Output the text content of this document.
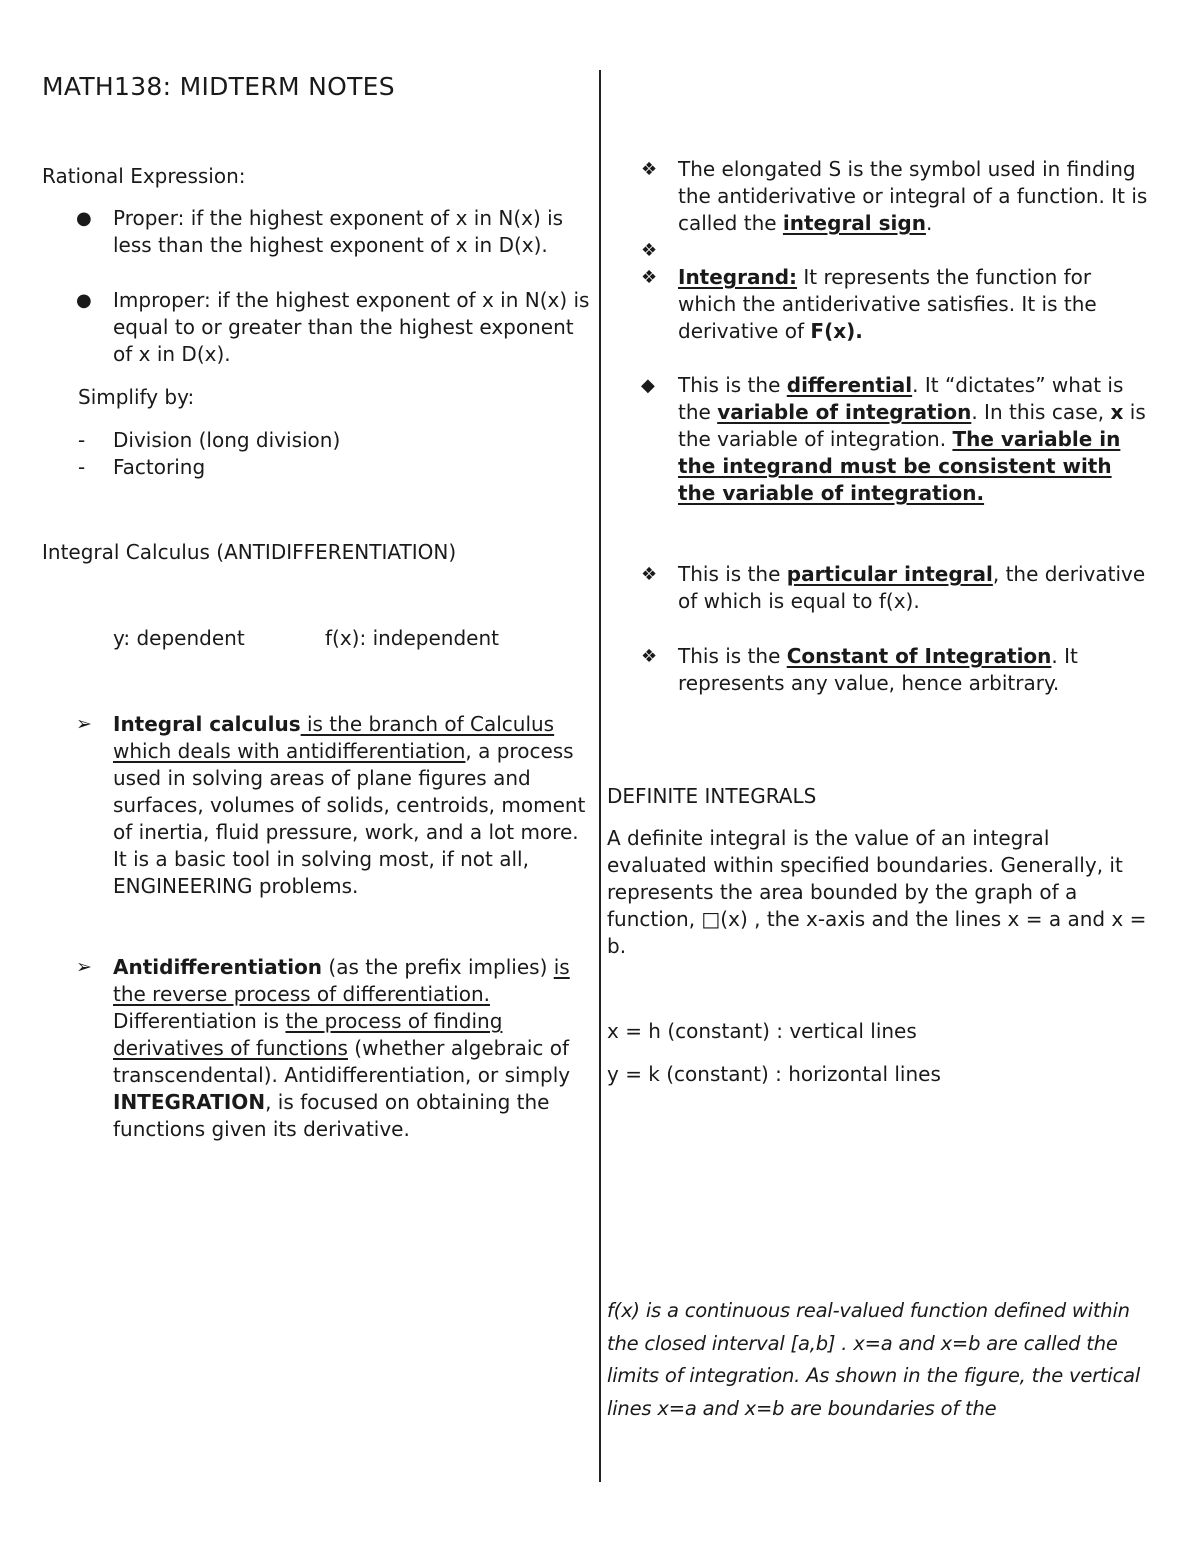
MATH138: MIDTERM NOTES
Rational Expression:
● Proper: if the highest exponent of x in N(x) is less than the highest exponent of x in D(x).
● Improper: if the highest exponent of x in N(x) is equal to or greater than the highest exponent of x in D(x).
Simplify by:
- Division (long division)
- Factoring
Integral Calculus (ANTIDIFFERENTIATION)
y: dependent	f(x): independent
➢ Integral calculus is the branch of Calculus which deals with antidifferentiation, a process used in solving areas of plane figures and surfaces, volumes of solids, centroids, moment of inertia, fluid pressure, work, and a lot more. It is a basic tool in solving most, if not all, ENGINEERING problems.
➢ Antidifferentiation (as the prefix implies) is the reverse process of differentiation. Differentiation is the process of finding derivatives of functions (whether algebraic of transcendental). Antidifferentiation, or simply INTEGRATION, is focused on obtaining the functions given its derivative.
❖ The elongated S is the symbol used in finding the antiderivative or integral of a function. It is called the integral sign.
❖
❖ Integrand: It represents the function for which the antiderivative satisfies. It is the derivative of F(x).
◆ This is the differential. It “dictates” what is the variable of integration. In this case, x is the variable of integration. The variable in the integrand must be consistent with the variable of integration.
❖ This is the particular integral, the derivative of which is equal to f(x).
❖ This is the Constant of Integration. It represents any value, hence arbitrary.
DEFINITE INTEGRALS
A definite integral is the value of an integral evaluated within specified boundaries. Generally, it represents the area bounded by the graph of a function, □(x) , the x-axis and the lines x = a and x = b.
x = h (constant) : vertical lines
y = k (constant) : horizontal lines
f(x) is a continuous real-valued function defined within the closed interval [a,b] . x=a and x=b are called the limits of integration. As shown in the figure, the vertical lines x=a and x=b are boundaries of the
